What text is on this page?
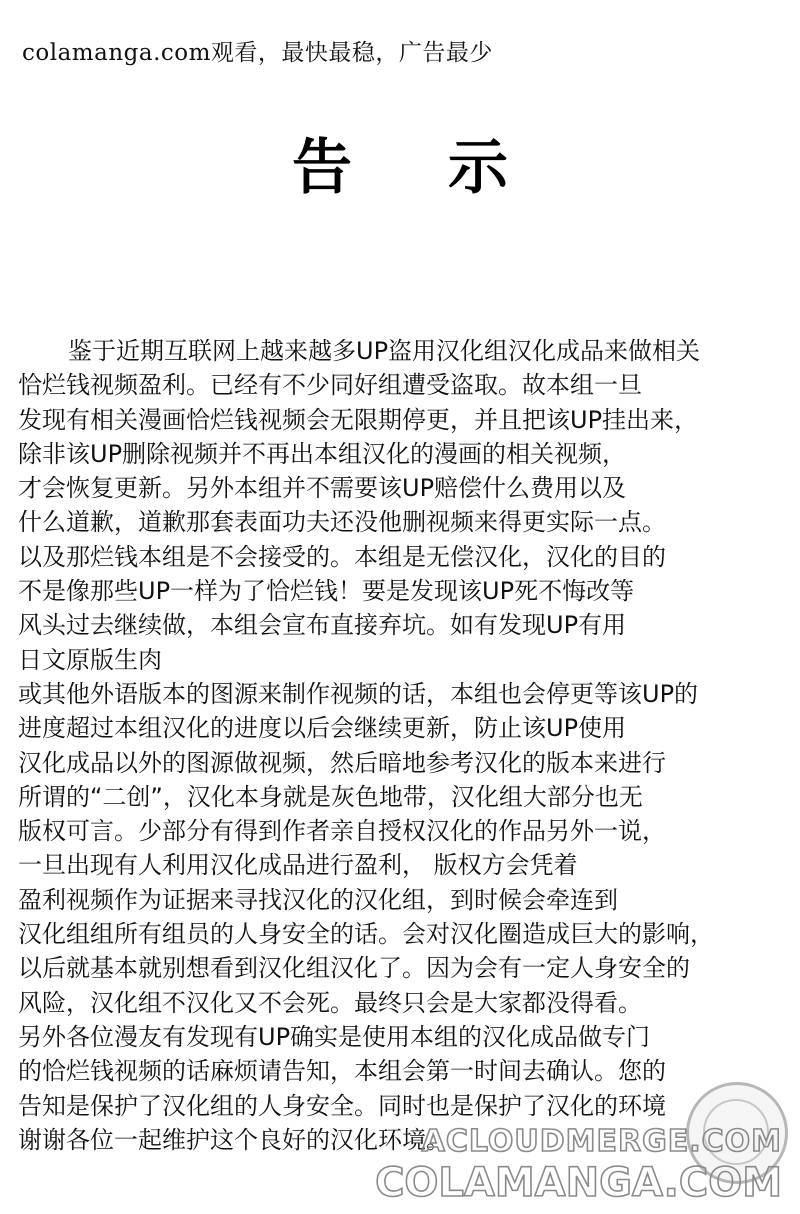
colamanga.com观看，最快最稳，广告最少
告示
鉴于近期互联网上越来越多UP盗用汉化组汉化成品来做相关
恰烂钱视频盈利。已经有不少同好组遭受盗取。故本组一旦
发现有相关漫画恰烂钱视频会无限期停更，并且把该UP挂出来，
除非该UP删除视频并不再出本组汉化的漫画的相关视频，
才会恢复更新。另外本组并不需要该UP赔偿什么费用以及
什么道歉，道歉那套表面功夫还没他删视频来得更实际一点。
以及那烂钱本组是不会接受的。本组是无偿汉化，汉化的目的
不是像那些UP一样为了恰烂钱！要是发现该UP死不悔改等
风头过去继续做，本组会宣布直接弃坑。如有发现UP有用
日文原版生肉
或其他外语版本的图源来制作视频的话，本组也会停更等该UP的
进度超过本组汉化的进度以后会继续更新，防止该UP使用
汉化成品以外的图源做视频，然后暗地参考汉化的版本来进行
所谓的“二创”，汉化本身就是灰色地带，汉化组大部分也无
版权可言。少部分有得到作者亲自授权汉化的作品另外一说，
一旦出现有人利用汉化成品进行盈利， 版权方会凭着
盈利视频作为证据来寻找汉化的汉化组，到时候会牵连到
汉化组组所有组员的人身安全的话。会对汉化圈造成巨大的影响，
以后就基本就别想看到汉化组汉化了。因为会有一定人身安全的
风险，汉化组不汉化又不会死。最终只会是大家都没得看。
另外各位漫友有发现有UP确实是使用本组的汉化成品做专门
的恰烂钱视频的话麻烦请告知，本组会第一时间去确认。您的
告知是保护了汉化组的人身安全。同时也是保护了汉化的环境
谢谢各位一起维护这个良好的汉化环境。
ACLOUDMERGE.COM
COLAMANGA.COM
